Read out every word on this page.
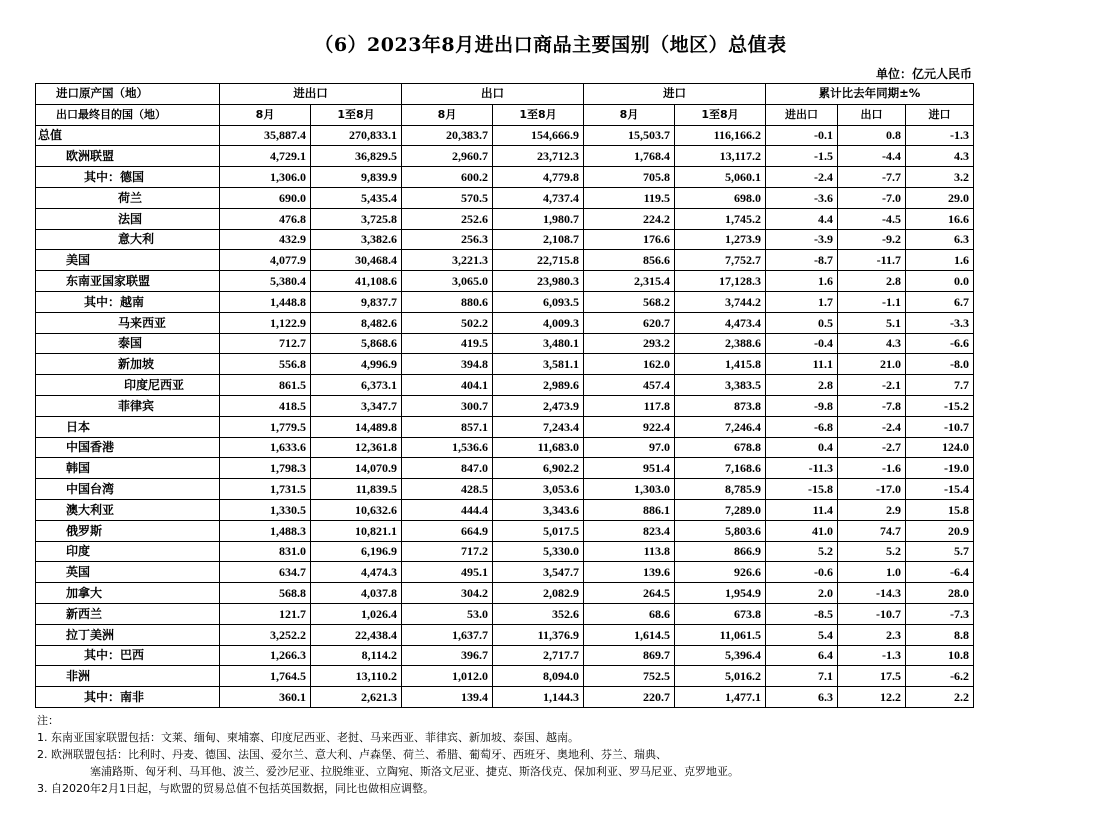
（6）2023年8月进出口商品主要国别（地区）总值表
单位：亿元人民币
进口原产国（地）	进出口		出口		进口		累计比去年同期±%		
出口最终目的国（地）	8月	1至8月	8月	1至8月	8月	1至8月	进出口	出口	进口
总值	35,887.4	270,833.1	20,383.7	154,666.9	15,503.7	116,166.2	-0.1	0.8	-1.3
欧洲联盟	4,729.1	36,829.5	2,960.7	23,712.3	1,768.4	13,117.2	-1.5	-4.4	4.3
其中：德国	1,306.0	9,839.9	600.2	4,779.8	705.8	5,060.1	-2.4	-7.7	3.2
荷兰	690.0	5,435.4	570.5	4,737.4	119.5	698.0	-3.6	-7.0	29.0
法国	476.8	3,725.8	252.6	1,980.7	224.2	1,745.2	4.4	-4.5	16.6
意大利	432.9	3,382.6	256.3	2,108.7	176.6	1,273.9	-3.9	-9.2	6.3
美国	4,077.9	30,468.4	3,221.3	22,715.8	856.6	7,752.7	-8.7	-11.7	1.6
东南亚国家联盟	5,380.4	41,108.6	3,065.0	23,980.3	2,315.4	17,128.3	1.6	2.8	0.0
其中：越南	1,448.8	9,837.7	880.6	6,093.5	568.2	3,744.2	1.7	-1.1	6.7
马来西亚	1,122.9	8,482.6	502.2	4,009.3	620.7	4,473.4	0.5	5.1	-3.3
泰国	712.7	5,868.6	419.5	3,480.1	293.2	2,388.6	-0.4	4.3	-6.6
新加坡	556.8	4,996.9	394.8	3,581.1	162.0	1,415.8	11.1	21.0	-8.0
印度尼西亚	861.5	6,373.1	404.1	2,989.6	457.4	3,383.5	2.8	-2.1	7.7
菲律宾	418.5	3,347.7	300.7	2,473.9	117.8	873.8	-9.8	-7.8	-15.2
日本	1,779.5	14,489.8	857.1	7,243.4	922.4	7,246.4	-6.8	-2.4	-10.7
中国香港	1,633.6	12,361.8	1,536.6	11,683.0	97.0	678.8	0.4	-2.7	124.0
韩国	1,798.3	14,070.9	847.0	6,902.2	951.4	7,168.6	-11.3	-1.6	-19.0
中国台湾	1,731.5	11,839.5	428.5	3,053.6	1,303.0	8,785.9	-15.8	-17.0	-15.4
澳大利亚	1,330.5	10,632.6	444.4	3,343.6	886.1	7,289.0	11.4	2.9	15.8
俄罗斯	1,488.3	10,821.1	664.9	5,017.5	823.4	5,803.6	41.0	74.7	20.9
印度	831.0	6,196.9	717.2	5,330.0	113.8	866.9	5.2	5.2	5.7
英国	634.7	4,474.3	495.1	3,547.7	139.6	926.6	-0.6	1.0	-6.4
加拿大	568.8	4,037.8	304.2	2,082.9	264.5	1,954.9	2.0	-14.3	28.0
新西兰	121.7	1,026.4	53.0	352.6	68.6	673.8	-8.5	-10.7	-7.3
拉丁美洲	3,252.2	22,438.4	1,637.7	11,376.9	1,614.5	11,061.5	5.4	2.3	8.8
其中：巴西	1,266.3	8,114.2	396.7	2,717.7	869.7	5,396.4	6.4	-1.3	10.8
非洲	1,764.5	13,110.2	1,012.0	8,094.0	752.5	5,016.2	7.1	17.5	-6.2
其中：南非	360.1	2,621.3	139.4	1,144.3	220.7	1,477.1	6.3	12.2	2.2
注：
1. 东南亚国家联盟包括：文莱、缅甸、柬埔寨、印度尼西亚、老挝、马来西亚、菲律宾、新加坡、泰国、越南。
2. 欧洲联盟包括：比利时、丹麦、德国、法国、爱尔兰、意大利、卢森堡、荷兰、希腊、葡萄牙、西班牙、奥地利、芬兰、瑞典、
塞浦路斯、匈牙利、马耳他、波兰、爱沙尼亚、拉脱维亚、立陶宛、斯洛文尼亚、捷克、斯洛伐克、保加利亚、罗马尼亚、克罗地亚。
3. 自2020年2月1日起，与欧盟的贸易总值不包括英国数据，同比也做相应调整。
